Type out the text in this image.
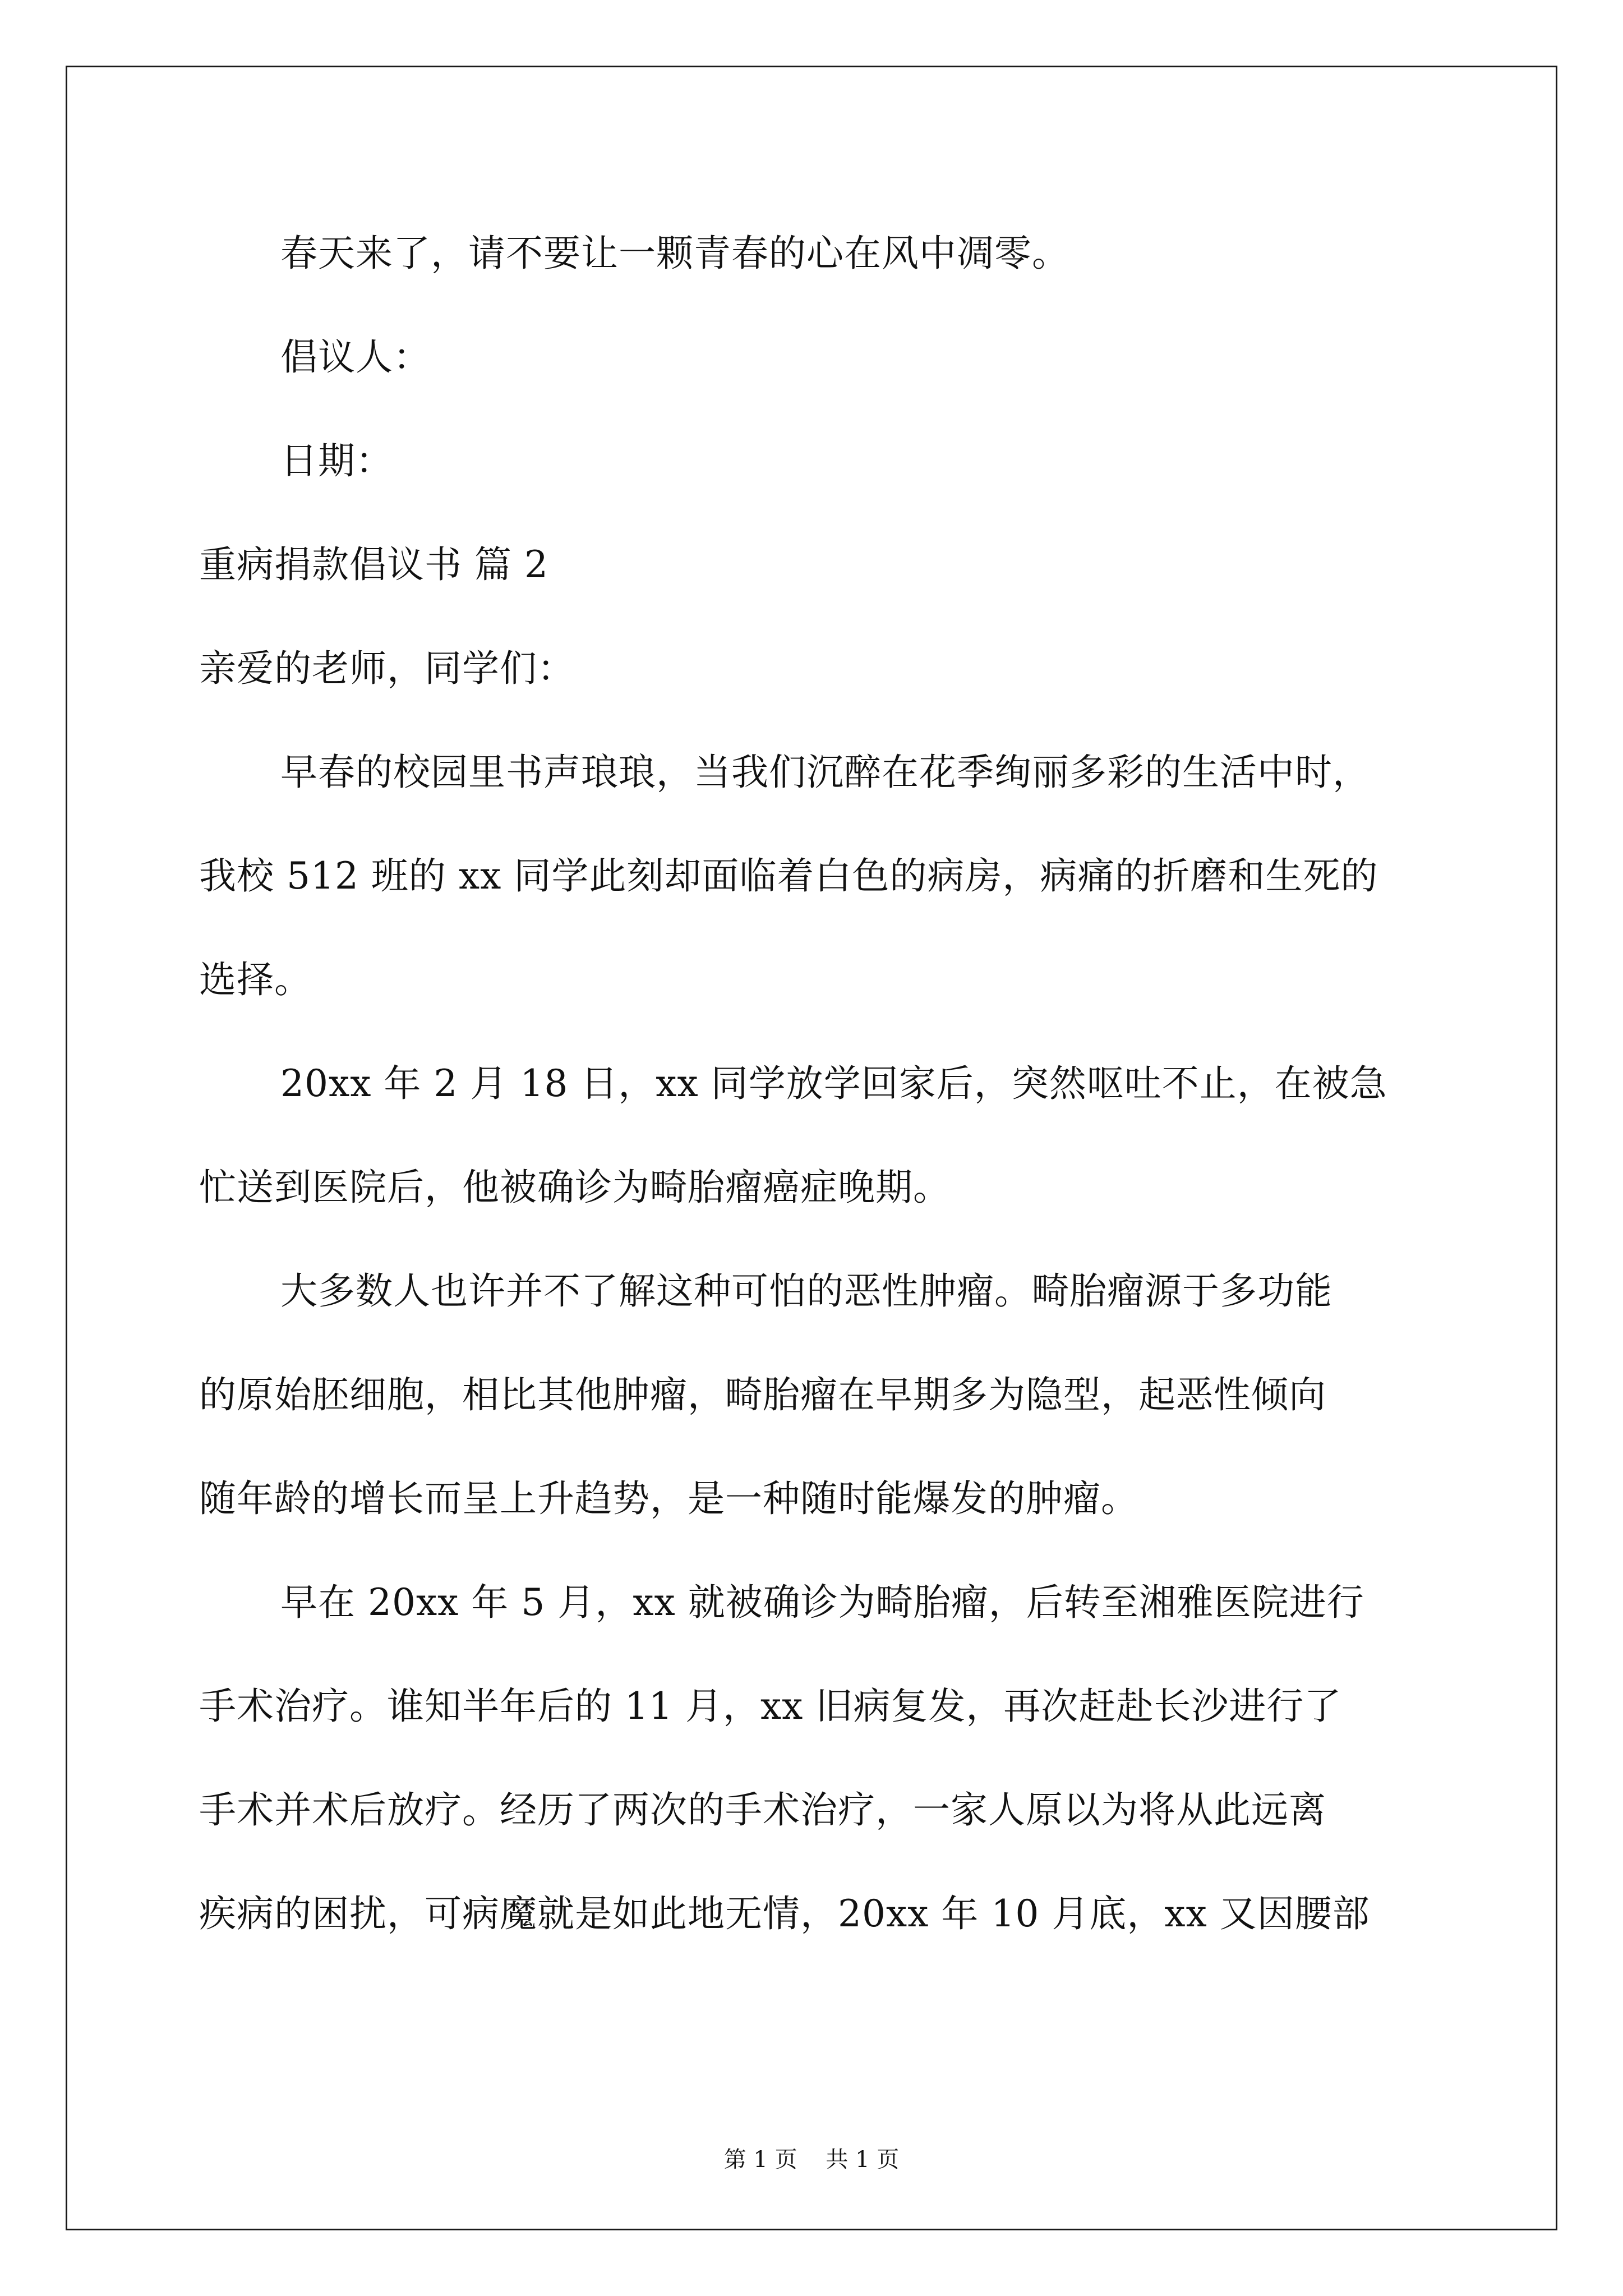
春天来了，请不要让一颗青春的心在风中凋零。
倡议人：
日期：
重病捐款倡议书 篇 2
亲爱的老师，同学们：
早春的校园里书声琅琅，当我们沉醉在花季绚丽多彩的生活中时，
我校 512 班的 xx 同学此刻却面临着白色的病房，病痛的折磨和生死的
选择。
20xx 年 2 月 18 日，xx 同学放学回家后，突然呕吐不止，在被急
忙送到医院后，他被确诊为畸胎瘤癌症晚期。
大多数人也许并不了解这种可怕的恶性肿瘤。畸胎瘤源于多功能
的原始胚细胞，相比其他肿瘤，畸胎瘤在早期多为隐型，起恶性倾向
随年龄的增长而呈上升趋势，是一种随时能爆发的肿瘤。
早在 20xx 年 5 月，xx 就被确诊为畸胎瘤，后转至湘雅医院进行
手术治疗。谁知半年后的 11 月，xx 旧病复发，再次赶赴长沙进行了
手术并术后放疗。经历了两次的手术治疗，一家人原以为将从此远离
疾病的困扰，可病魔就是如此地无情，20xx 年 10 月底，xx 又因腰部
第 1 页    共 1 页
